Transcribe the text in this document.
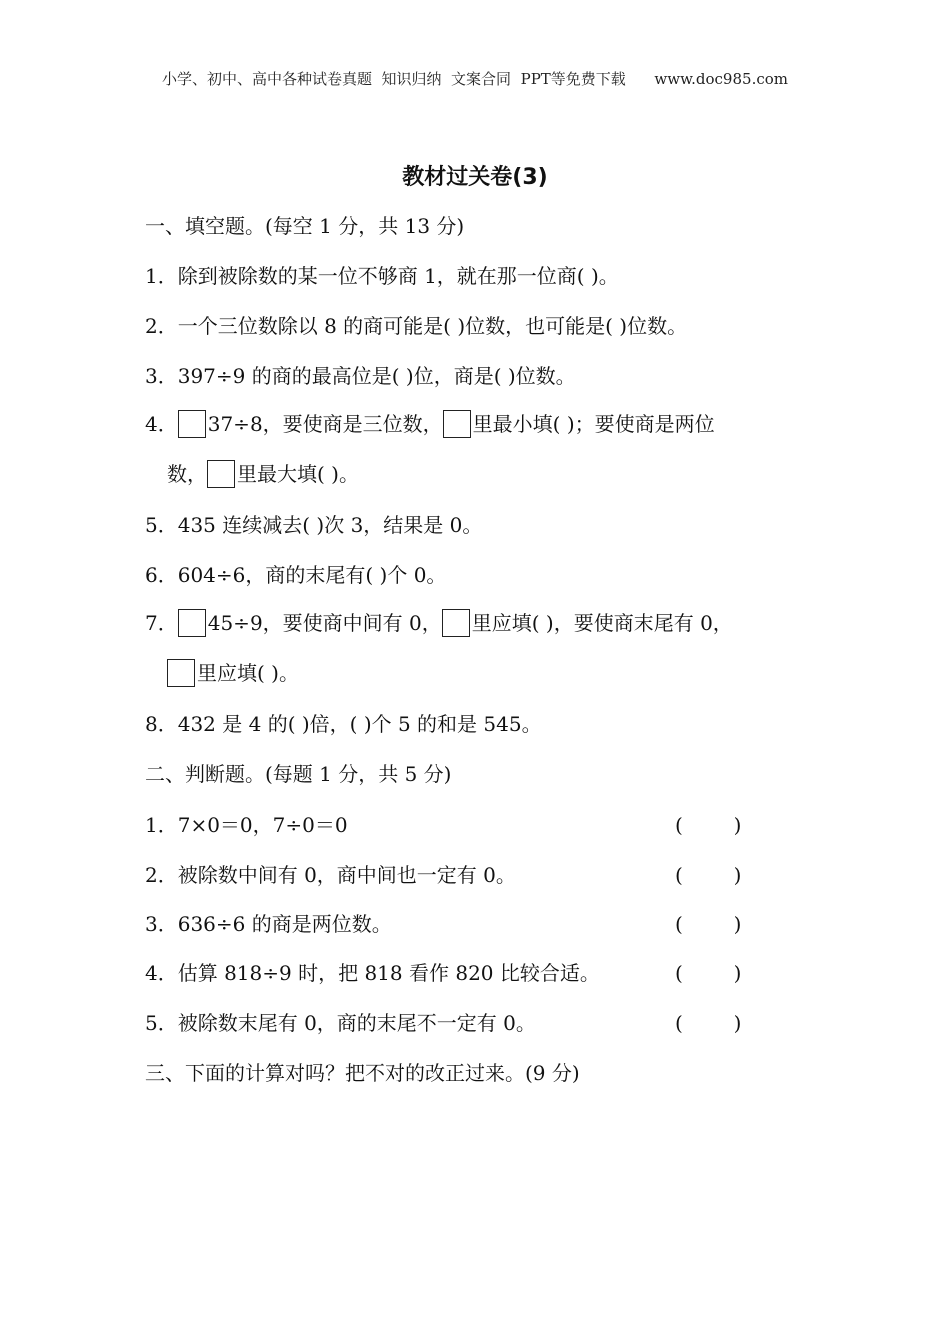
小学、初中、高中各种试卷真题  知识归纳  文案合同  PPT等免费下载      www.doc985.com
教材过关卷(3)
一、填空题。(每空 1 分，共 13 分)
1．除到被除数的某一位不够商 1，就在那一位商( )。
2．一个三位数除以 8 的商可能是( )位数，也可能是( )位数。
3．397÷9 的商的最高位是( )位，商是( )位数。
4． 37÷8，要使商是三位数， 里最小填( )；要使商是两位
数， 里最大填( )。
5．435 连续减去( )次 3，结果是 0。
6．604÷6，商的末尾有( )个 0。
7． 45÷9，要使商中间有 0， 里应填( )，要使商末尾有 0，
里应填( )。
8．432 是 4 的( )倍，( )个 5 的和是 545。
二、判断题。(每题 1 分，共 5 分)
1．7×0＝0，7÷0＝0	(        )
2．被除数中间有 0，商中间也一定有 0。	(        )
3．636÷6 的商是两位数。	(        )
4．估算 818÷9 时，把 818 看作 820 比较合适。	(        )
5．被除数末尾有 0，商的末尾不一定有 0。	(        )
三、下面的计算对吗？把不对的改正过来。(9 分)
